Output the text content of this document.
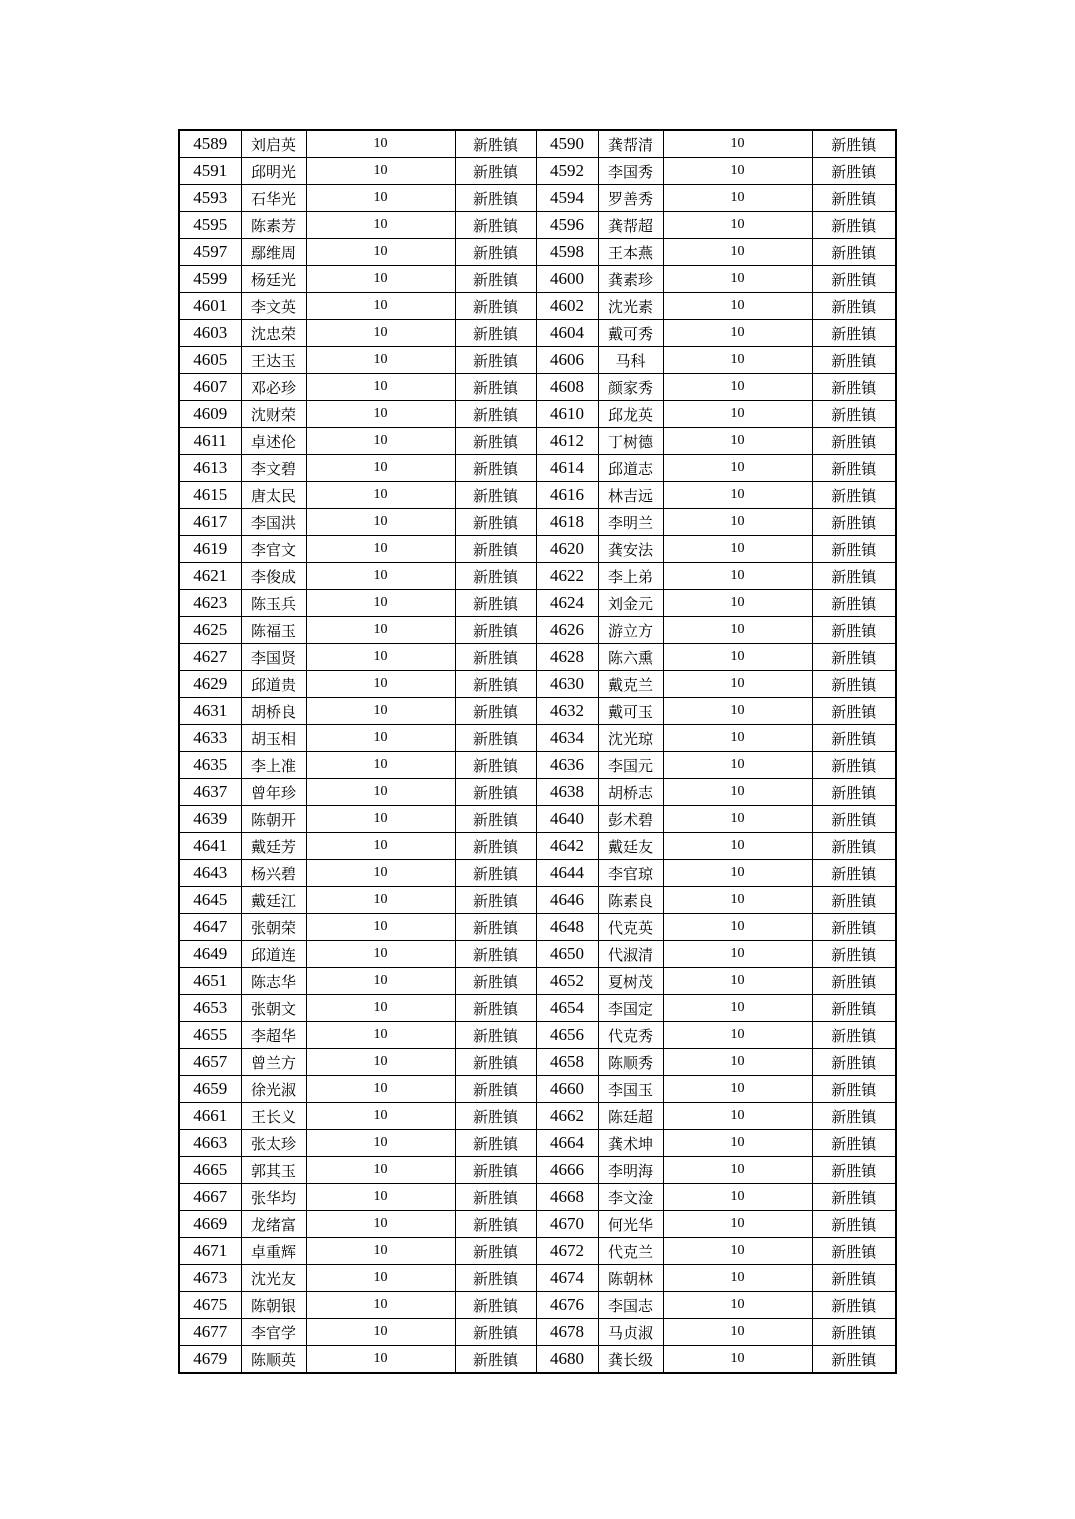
4589	刘启英	10	新胜镇	4590	龚帮清	10	新胜镇
4591	邱明光	10	新胜镇	4592	李国秀	10	新胜镇
4593	石华光	10	新胜镇	4594	罗善秀	10	新胜镇
4595	陈素芳	10	新胜镇	4596	龚帮超	10	新胜镇
4597	鄢维周	10	新胜镇	4598	王本燕	10	新胜镇
4599	杨廷光	10	新胜镇	4600	龚素珍	10	新胜镇
4601	李文英	10	新胜镇	4602	沈光素	10	新胜镇
4603	沈忠荣	10	新胜镇	4604	戴可秀	10	新胜镇
4605	王达玉	10	新胜镇	4606	马科	10	新胜镇
4607	邓必珍	10	新胜镇	4608	颜家秀	10	新胜镇
4609	沈财荣	10	新胜镇	4610	邱龙英	10	新胜镇
4611	卓述伦	10	新胜镇	4612	丁树德	10	新胜镇
4613	李文碧	10	新胜镇	4614	邱道志	10	新胜镇
4615	唐太民	10	新胜镇	4616	林吉远	10	新胜镇
4617	李国洪	10	新胜镇	4618	李明兰	10	新胜镇
4619	李官文	10	新胜镇	4620	龚安法	10	新胜镇
4621	李俊成	10	新胜镇	4622	李上弟	10	新胜镇
4623	陈玉兵	10	新胜镇	4624	刘金元	10	新胜镇
4625	陈福玉	10	新胜镇	4626	游立方	10	新胜镇
4627	李国贤	10	新胜镇	4628	陈六熏	10	新胜镇
4629	邱道贵	10	新胜镇	4630	戴克兰	10	新胜镇
4631	胡桥良	10	新胜镇	4632	戴可玉	10	新胜镇
4633	胡玉相	10	新胜镇	4634	沈光琼	10	新胜镇
4635	李上准	10	新胜镇	4636	李国元	10	新胜镇
4637	曾年珍	10	新胜镇	4638	胡桥志	10	新胜镇
4639	陈朝开	10	新胜镇	4640	彭术碧	10	新胜镇
4641	戴廷芳	10	新胜镇	4642	戴廷友	10	新胜镇
4643	杨兴碧	10	新胜镇	4644	李官琼	10	新胜镇
4645	戴廷江	10	新胜镇	4646	陈素良	10	新胜镇
4647	张朝荣	10	新胜镇	4648	代克英	10	新胜镇
4649	邱道连	10	新胜镇	4650	代淑清	10	新胜镇
4651	陈志华	10	新胜镇	4652	夏树茂	10	新胜镇
4653	张朝文	10	新胜镇	4654	李国定	10	新胜镇
4655	李超华	10	新胜镇	4656	代克秀	10	新胜镇
4657	曾兰方	10	新胜镇	4658	陈顺秀	10	新胜镇
4659	徐光淑	10	新胜镇	4660	李国玉	10	新胜镇
4661	王长义	10	新胜镇	4662	陈廷超	10	新胜镇
4663	张太珍	10	新胜镇	4664	龚术坤	10	新胜镇
4665	郭其玉	10	新胜镇	4666	李明海	10	新胜镇
4667	张华均	10	新胜镇	4668	李文淦	10	新胜镇
4669	龙绪富	10	新胜镇	4670	何光华	10	新胜镇
4671	卓重辉	10	新胜镇	4672	代克兰	10	新胜镇
4673	沈光友	10	新胜镇	4674	陈朝林	10	新胜镇
4675	陈朝银	10	新胜镇	4676	李国志	10	新胜镇
4677	李官学	10	新胜镇	4678	马贞淑	10	新胜镇
4679	陈顺英	10	新胜镇	4680	龚长级	10	新胜镇
